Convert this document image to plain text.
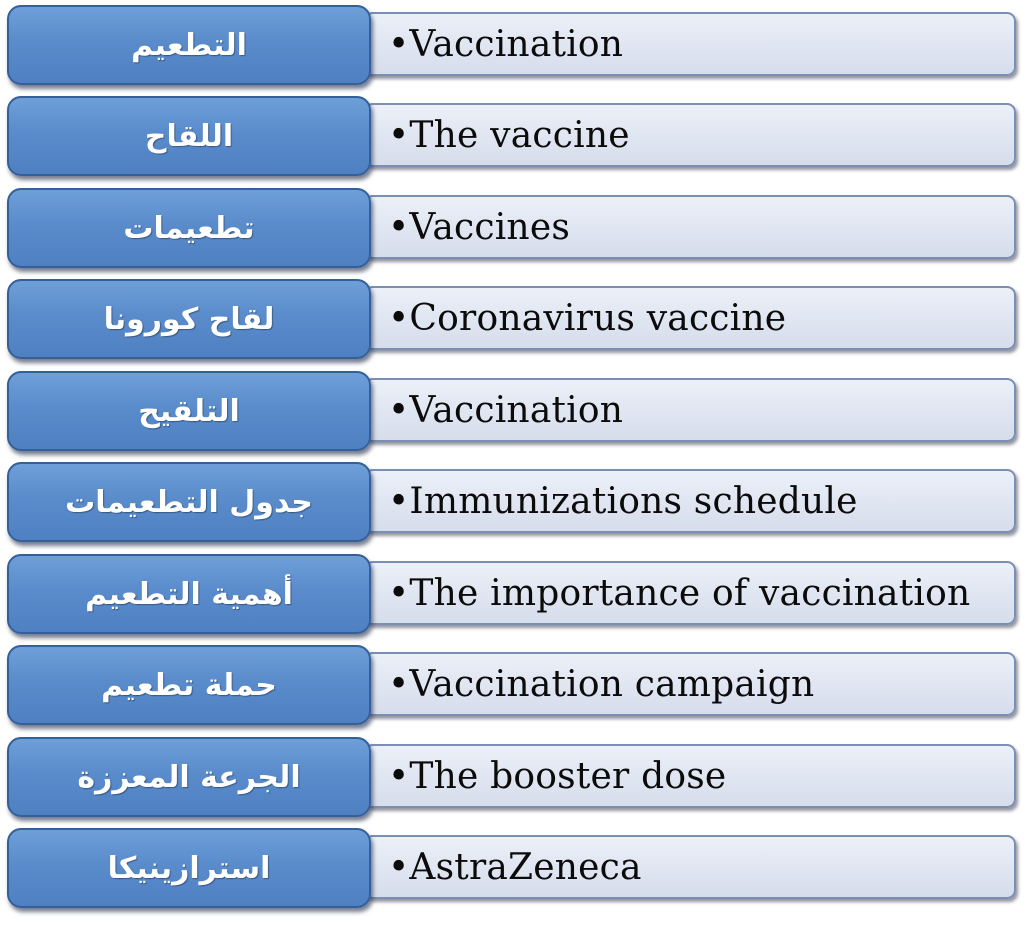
•Vaccination
التطعيم
•The vaccine
اللقاح
•Vaccines
تطعيمات
•Coronavirus vaccine
لقاح كورونا
•Vaccination
التلقيح
•Immunizations schedule
جدول التطعيمات
•The importance of vaccination
أهمية التطعيم
•Vaccination campaign
حملة تطعيم
•The booster dose
الجرعة المعززة
•AstraZeneca
استرازينيكا
